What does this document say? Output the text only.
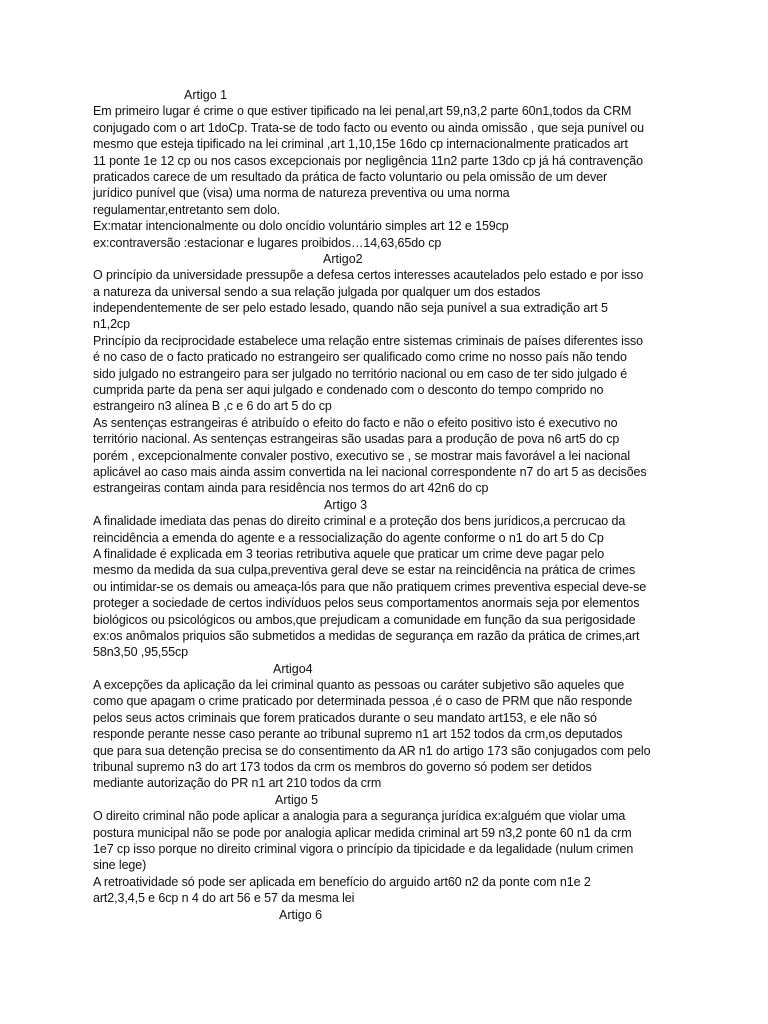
Artigo 1
Em primeiro lugar é crime o que estiver tipificado na lei penal,art 59,n3,2 parte 60n1,todos da CRM
conjugado com o art 1doCp. Trata-se de todo facto ou evento ou ainda omissão , que seja punível ou
mesmo que esteja tipificado na lei criminal ,art 1,10,15e 16do cp internacionalmente praticados art
11 ponte 1e 12 cp ou nos casos excepcionais por negligência 11n2 parte 13do cp já há contravenção
praticados carece de um resultado da prática de facto voluntario ou pela omissão de um dever
jurídico punível que (visa) uma norma de natureza preventiva ou uma norma
regulamentar,entretanto sem dolo.
Ex:matar intencionalmente ou dolo oncídio voluntário simples art 12 e 159cp
ex:contraversão :estacionar e lugares proibidos…14,63,65do cp
Artigo2
O princípio da universidade pressupõe a defesa certos interesses acautelados pelo estado e por isso
a natureza da universal sendo a sua relação julgada por qualquer um dos estados
independentemente de ser pelo estado lesado, quando não seja punível a sua extradição art 5
n1,2cp
Princípio da reciprocidade estabelece uma relação entre sistemas criminais de países diferentes isso
é no caso de o facto praticado no estrangeiro ser qualificado como crime no nosso país não tendo
sido julgado no estrangeiro para ser julgado no território nacional ou em caso de ter sido julgado é
cumprida parte da pena ser aqui julgado e condenado com o desconto do tempo comprido no
estrangeiro n3 alínea B ,c e 6 do art 5 do cp
As sentenças estrangeiras é atribuído o efeito do facto e não o efeito positivo isto é executivo no
território nacional. As sentenças estrangeiras são usadas para a produção de pova n6 art5 do cp
porém , excepcionalmente convaler postivo, executivo se , se mostrar mais favorável a lei nacional
aplicável ao caso mais ainda assim convertida na lei nacional correspondente n7 do art 5 as decisões
estrangeiras contam ainda para residência nos termos do art 42n6 do cp
Artigo 3
A finalidade imediata das penas do direito criminal e a proteção dos bens jurídicos,a percrucao da
reincidência a emenda do agente e a ressocialização do agente conforme o n1 do art 5 do Cp
A finalidade é explicada em 3 teorias retributiva aquele que praticar um crime deve pagar pelo
mesmo da medida da sua culpa,preventiva geral deve se estar na reincidência na prática de crimes
ou intimidar-se os demais ou ameaça-lós para que não pratiquem crimes preventiva especial deve-se
proteger a sociedade de certos indivíduos pelos seus comportamentos anormais seja por elementos
biológicos ou psicológicos ou ambos,que prejudicam a comunidade em função da sua perigosidade
ex:os anômalos priquios são submetidos a medidas de segurança em razão da prática de crimes,art
58n3,50 ,95,55cp
Artigo4
A excepções da aplicação da lei criminal quanto as pessoas ou caráter subjetivo são aqueles que
como que apagam o crime praticado por determinada pessoa ,é o caso de PRM que não responde
pelos seus actos criminais que forem praticados durante o seu mandato art153, e ele não só
responde perante nesse caso perante ao tribunal supremo n1 art 152 todos da crm,os deputados
que para sua detenção precisa se do consentimento da AR n1 do artigo 173 são conjugados com pelo
tribunal supremo n3 do art 173 todos da crm os membros do governo só podem ser detidos
mediante autorização do PR n1 art 210 todos da crm
Artigo 5
O direito criminal não pode aplicar a analogia para a segurança jurídica ex:alguém que violar uma
postura municipal não se pode por analogia aplicar medida criminal art 59 n3,2 ponte 60 n1 da crm
1e7 cp isso porque no direito criminal vigora o princípio da tipicidade e da legalidade (nulum crimen
sine lege)
A retroatividade só pode ser aplicada em benefício do arguido art60 n2 da ponte com n1e 2
art2,3,4,5 e 6cp n 4 do art 56 e 57 da mesma lei
Artigo 6
